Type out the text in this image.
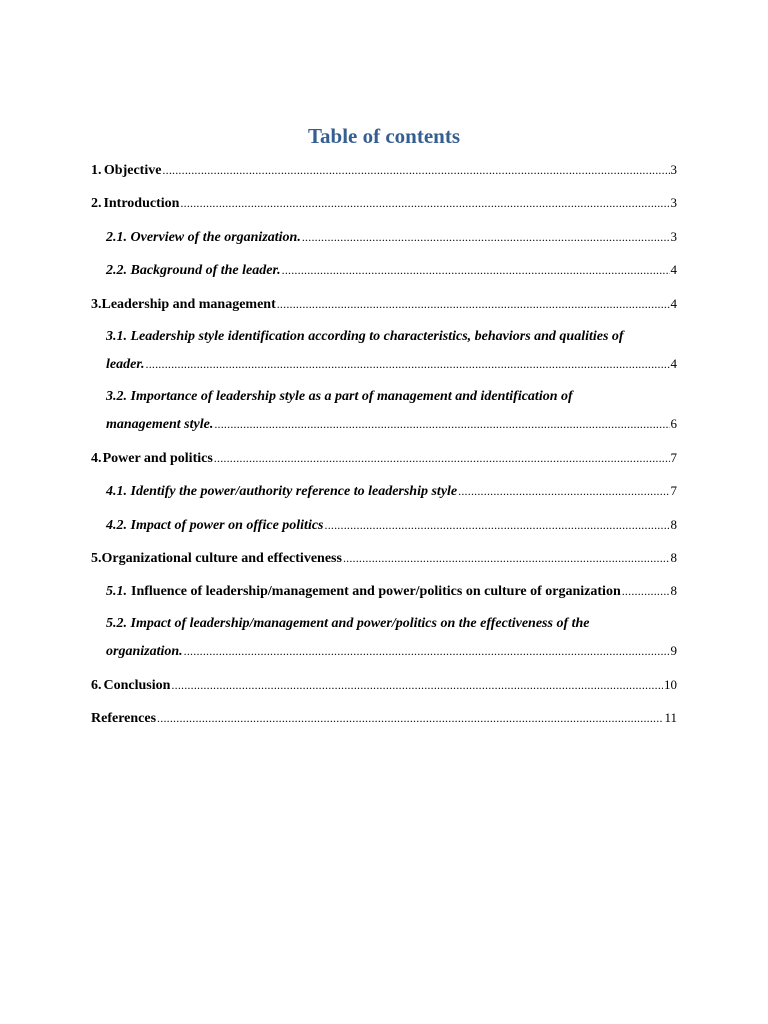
Table of contents
1. Objective .....	3
2. Introduction .....	3
2.1. Overview of the organization. .....	3
2.2. Background of the leader. .....	4
3. Leadership and management .....	4
3.1. Leadership style identification according to characteristics, behaviors and qualities of
leader. .....	4
3.2. Importance of leadership style as a part of management and identification of
management style. .....	6
4. Power and politics .....	7
4.1. Identify the power/authority reference to leadership style .....	7
4.2. Impact of power on office politics .....	8
5. Organizational culture and effectiveness .....	8
5.1. Influence of leadership/management and power/politics on culture of organization .....	8
5.2. Impact of leadership/management and power/politics on the effectiveness of the
organization. .....	9
6. Conclusion .....	10
References .....	11
